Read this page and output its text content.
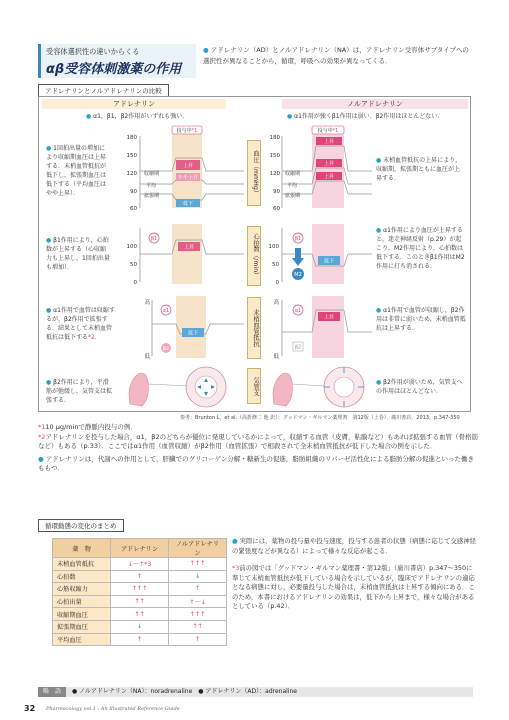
受容体選択性の違いからくる
αβ受容体刺激薬の作用
● アドレナリン（AD）とノルアドレナリン（NA）は，アドレナリン受容体サブタイプへの選択性が異なることから，循環，呼吸への効果が異なってくる．
アドレナリンとノルアドレナリンの比較
アドレナリン	ノルアドレナリン
● α1，β1，β2作用がいずれも強い．	● α1作用が強くβ1作用は弱い．β2作用はほとんどない．
血圧（mmHg）
心拍数（/min）
末梢血管抵抗
気管支
● 1回拍出量の増加により収縮期血圧は上昇する．末梢血管抵抗が低下し，拡張期血圧は低下する（平均血圧はやや上昇）．
● 末梢血管抵抗の上昇により，収縮期，拡張期ともに血圧が上昇する．
● β1作用により，心拍数が上昇する（心収縮力も上昇し，1回拍出量も増加）．
● α1作用により血圧が上昇すると，迷走神経反射（p.29）が起こり，M2作用により，心拍数は低下する．このときβ1作用はM2作用に打ち消される．
● α1作用で血管は収縮するが，β2作用で拡張する．結果として末梢血管抵抗は低下する*2．
● α1作用で血管が収縮し，β2作用は非常に弱いため，末梢血管抵抗は上昇する．
● β2作用により，平滑筋が弛緩し，気管支は拡張する．
● β2作用が弱いため，気管支への作用はほとんどない．
投与中*1
180
150
120
90
60
収縮期
平均
拡張期
上昇
やや上昇
低下
投与中*1
180
150
120
90
60
収縮期
平均
拡張期
上昇
上昇
上昇
100
50
0
β1
上昇	100
50
0
β1
M2
低下
高
低
α1
β2
低下
高
低
α1
β2
上昇
参考：Brunton L，et al.（高折修二 他 訳）：グッドマン・ギルマン薬理書　第12版（上巻），廣川書店，2013，p.347-350
*110 μg/minで静脈内投与の例．
*2アドレナリンを投与した場合，α1，β2のどちらが優位に発現しているかによって，収縮する血管（皮膚，粘膜など）もあれば拡張する血管（骨格筋など）もある（p.33）．ここではα1作用（血管収縮）がβ2作用（血管拡張）で相殺されて全末梢血管抵抗が低下した場合の例を示した．
● アドレナリンは，代謝への作用として，肝臓でのグリコーゲン分解・糖新生の促進，脂肪組織のリパーゼ活性化による脂肪分解の促進といった働きももつ．
循環動態の変化のまとめ
薬　物	アドレナリン	ノルアドレナリン
末梢血管抵抗	↓～↑*3	↑↑↑
心拍数	↑	↓
心筋収縮力	↑↑↑	↑
心拍出量	↑↑	↑～↓
収縮期血圧	↑↑	↑↑↑
拡張期血圧	↓	↑↑
平均血圧	↑	↑
● 実際には，薬物の投与量や投与速度，投与する患者の状態（病態に応じて交感神経の緊張度などが異なる）によって様々な反応が起こる．
*3前の図では「グッドマン・ギルマン薬理書・第12版」（廣川書店）p.347～350に準じて末梢血管抵抗が低下している場合を示しているが，臨床でアドレナリンの適応となる病態に対し，必要量投与した場合は，末梢血管抵抗は上昇する傾向にある．このため，本書におけるアドレナリンの効果は，低下から上昇まで，様々な場合があるとしている（p.42）．
略　語 ● ノルアドレナリン（NA）：noradrenaline　● アドレナリン（AD）：adrenaline
32 Pharmacology vol.1 : An Illustrated Reference Guide
